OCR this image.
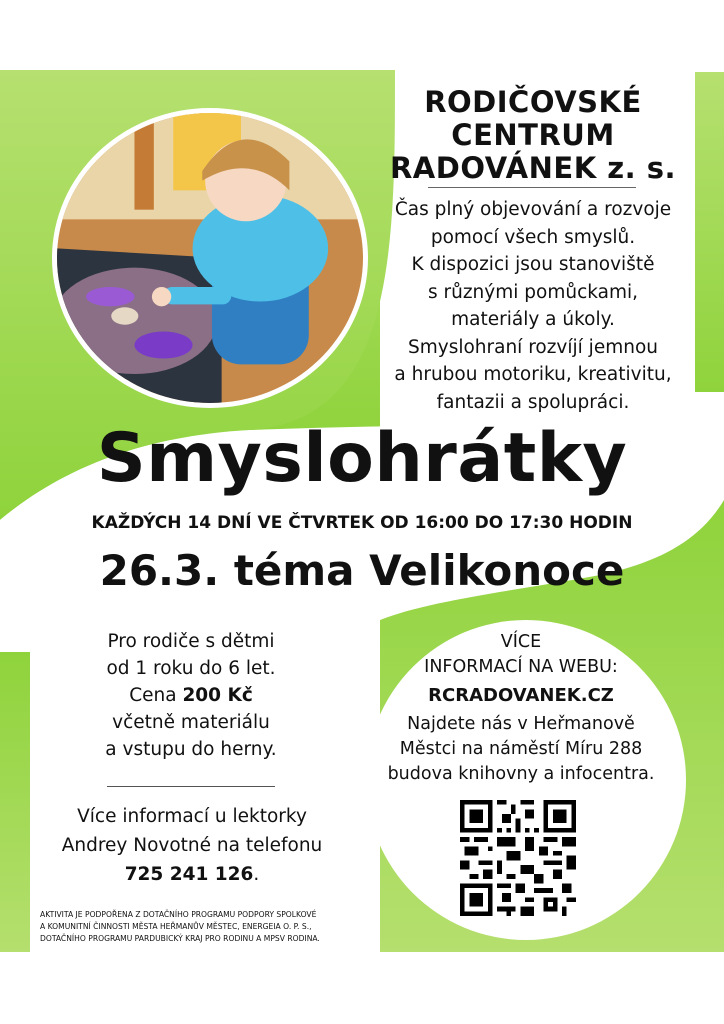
RODIČOVSKÉ
CENTRUM
RADOVÁNEK z. s.
Čas plný objevování a rozvoje
pomocí všech smyslů.
K dispozici jsou stanoviště
s různými pomůckami,
materiály a úkoly.
Smyslohraní rozvíjí jemnou
a hrubou motoriku, kreativitu,
fantazii a spolupráci.
Smyslohrátky
KAŽDÝCH 14 DNÍ VE ČTVRTEK OD 16:00 DO 17:30 HODIN
26.3. téma Velikonoce
Pro rodiče s dětmi
od 1 roku do 6 let.
Cena 200 Kč
včetně materiálu
a vstupu do herny.
Více informací u lektorky
Andrey Novotné na telefonu
725 241 126.
VÍCE
INFORMACÍ NA WEBU:
RCRADOVANEK.CZ
Najdete nás v Heřmanově
Městci na náměstí Míru 288
budova knihovny a infocentra.
AKTIVITA JE PODPOŘENA Z DOTAČNÍHO PROGRAMU PODPORY SPOLKOVÉ
A KOMUNITNÍ ČINNOSTI MĚSTA HEŘMANŮV MĚSTEC, ENERGEIA O. P. S.,
DOTAČNÍHO PROGRAMU PARDUBICKÝ KRAJ PRO RODINU A MPSV RODINA.
